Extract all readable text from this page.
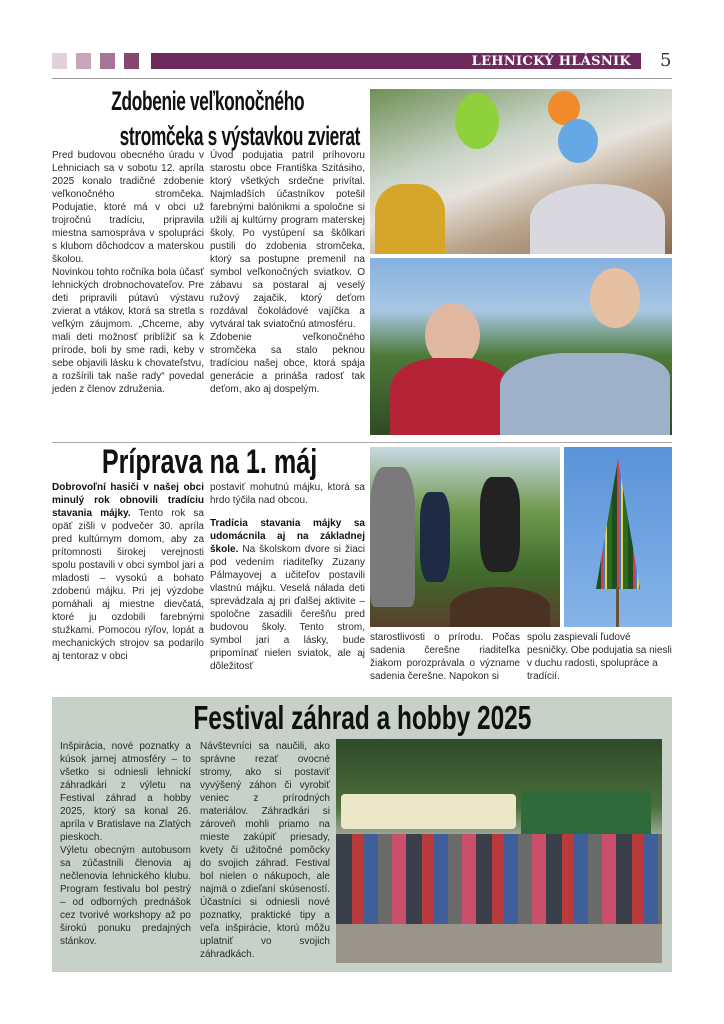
LEHNICKÝ HLÁSNIK 5
Zdobenie veľkonočného
stromčeka s výstavkou zvierat

Pred budovou obecného úradu v Lehniciach sa v sobotu 12. apríla 2025 konalo tradičné zdobenie veľkonočného stromčeka. Podujatie, ktoré má v obci už trojročnú tradíciu, pripravila miestna samospráva v spolupráci s klubom dôchodcov a materskou školou.

Novinkou tohto ročníka bola účasť lehnických drobnochovateľov. Pre deti pripravili pútavú výstavu zvierat a vtákov, ktorá sa stretla s veľkým záujmom. „Chceme, aby mali deti možnosť priblížiť sa k prírode, boli by sme radi, keby v sebe objavili lásku k chovateľstvu, a rozšírili tak naše rady“ povedal jeden z členov združenia.

Úvod podujatia patril príhovoru starostu obce Františka Szitásiho, ktorý všetkých srdečne privítal. Najmladších účastníkov potešil farebnými balónikmi a spoločne si užili aj kultúrny program materskej školy. Po vystúpení sa škôlkari pustili do zdobenia stromčeka, ktorý sa postupne premenil na symbol veľkonočných sviatkov. O zábavu sa postaral aj veselý ružový zajačik, ktorý deťom rozdával čokoládové vajíčka a vytváral tak sviatočnú atmosféru.

Zdobenie veľkonočného stromčeka sa stalo peknou tradíciou našej obce, ktorá spája generácie a prináša radosť tak deťom, ako aj dospelým.

Príprava na 1. máj

Dobrovoľní hasiči v našej obci minulý rok obnovili tradíciu stavania májky. Tento rok sa opäť zišli v podvečer 30. apríla pred kultúrnym domom, aby za prítomnosti širokej verejnosti spolu postavili v obci symbol jari a mladosti – vysokú a bohato zdobenú májku. Pri jej výzdobe pomáhali aj miestne dievčatá, ktoré ju ozdobili farebnými stužkami. Pomocou rýľov, lopát a mechanických strojov sa podarilo aj tentoraz v obci

postaviť mohutnú májku, ktorá sa hrdo týčila nad obcou.

Tradícia stavania májky sa udomácnila aj na základnej škole. Na školskom dvore si žiaci pod vedením riaditeľky Zuzany Pálmayovej a učiteľov postavili vlastnú májku. Veselá nálada deti sprevádzala aj pri ďalšej aktivite – spoločne zasadili čerešňu pred budovou školy. Tento strom, symbol jari a lásky, bude pripomínať nielen sviatok, ale aj dôležitosť

starostlivosti o prírodu. Počas sadenia čerešne riaditeľka žiakom porozprávala o význame sadenia čerešne. Napokon si

spolu zaspievali ľudové pesničky. Obe podujatia sa niesli v duchu radosti, spolupráce a tradícií.

Festival záhrad a hobby 2025

Inšpirácia, nové poznatky a kúsok jarnej atmosféry – to všetko si odniesli lehnickí záhradkári z výletu na Festival záhrad a hobby 2025, ktorý sa konal 26. apríla v Bratislave na Zlatých pieskoch.

Výletu obecným autobusom sa zúčastnili členovia aj nečlenovia lehnického klubu. Program festivalu bol pestrý – od odborných prednášok cez tvorivé workshopy až po širokú ponuku predajných stánkov.

Návštevníci sa naučili, ako správne rezať ovocné stromy, ako si postaviť vyvýšený záhon či vyrobiť veniec z prírodných materiálov. Záhradkári si zároveň mohli priamo na mieste zakúpiť priesady, kvety či užitočné pomôcky do svojich záhrad. Festival bol nielen o nákupoch, ale najmä o zdieľaní skúseností. Účastníci si odniesli nové poznatky, praktické tipy a veľa inšpirácie, ktorú môžu uplatniť vo svojich záhradkách.
